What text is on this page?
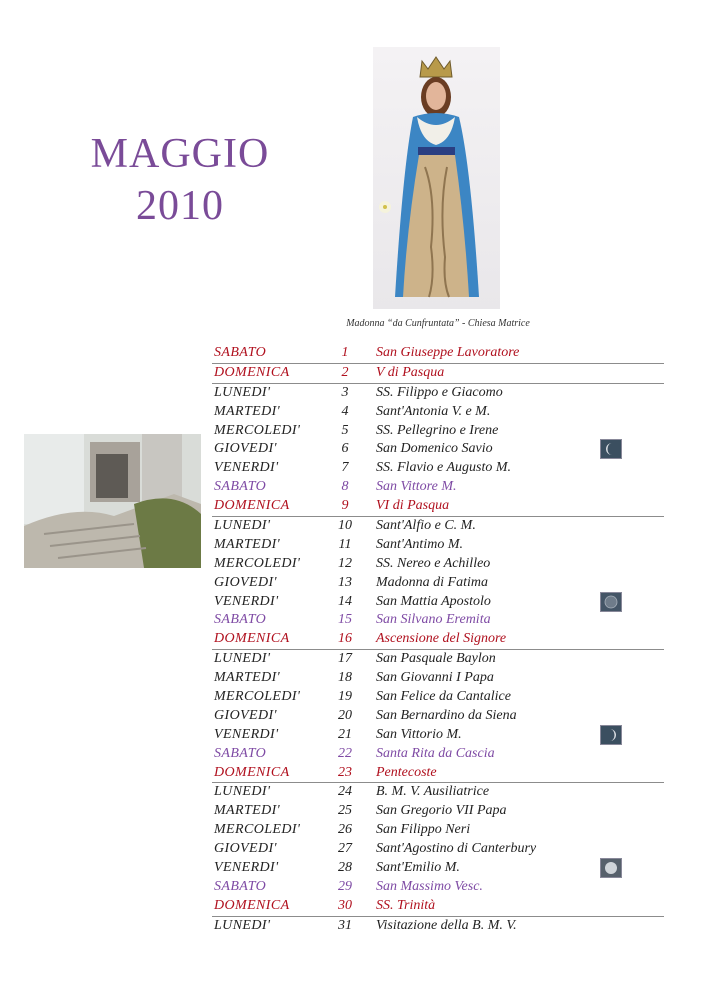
MAGGIO
2010
Madonna “da Cunfruntata” - Chiesa Matrice
SABATO	1	San Giuseppe Lavoratore
DOMENICA	2	V di Pasqua
LUNEDI'	3	SS. Filippo e Giacomo
MARTEDI'	4	Sant'Antonia V. e M.
MERCOLEDI'	5	SS. Pellegrino e Irene
GIOVEDI'	6	San Domenico Savio
VENERDI'	7	SS. Flavio e Augusto M.
SABATO	8	San Vittore M.
DOMENICA	9	VI di Pasqua
LUNEDI'	10	Sant'Alfio e C. M.
MARTEDI'	11	Sant'Antimo M.
MERCOLEDI'	12	SS. Nereo e Achilleo
GIOVEDI'	13	Madonna di Fatima
VENERDI'	14	San Mattia Apostolo
SABATO	15	San Silvano Eremita
DOMENICA	16	Ascensione del Signore
LUNEDI'	17	San Pasquale Baylon
MARTEDI'	18	San Giovanni I Papa
MERCOLEDI'	19	San Felice da Cantalice
GIOVEDI'	20	San Bernardino da Siena
VENERDI'	21	San Vittorio M.
SABATO	22	Santa Rita da Cascia
DOMENICA	23	Pentecoste
LUNEDI'	24	B. M. V. Ausiliatrice
MARTEDI'	25	San Gregorio VII Papa
MERCOLEDI'	26	San Filippo Neri
GIOVEDI'	27	Sant'Agostino di Canterbury
VENERDI'	28	Sant'Emilio M.
SABATO	29	San Massimo Vesc.
DOMENICA	30	SS. Trinità
LUNEDI'	31	Visitazione della B. M. V.
